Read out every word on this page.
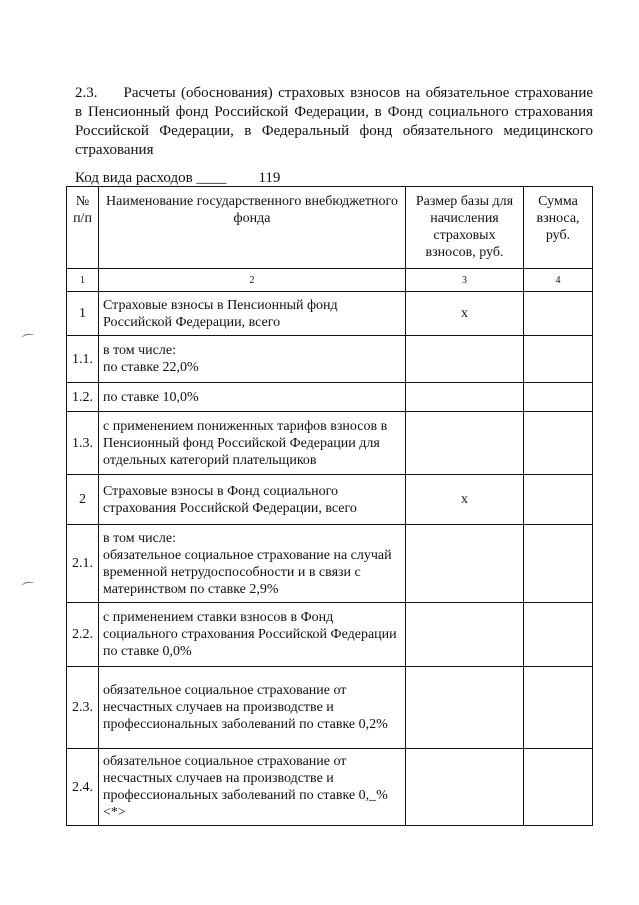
2.3. Расчеты (обоснования) страховых взносов на обязательное страхование в Пенсионный фонд Российской Федерации, в Фонд социального страхования Российской Федерации, в Федеральный фонд обязательного медицинского страхования
Код вида расходов ____ 119
⌒
⌒
№ п/п	Наименование государственного внебюджетного фонда	Размер базы для начисления страховых взносов, руб.	Сумма взноса, руб.
1	2	3	4
1	Страховые взносы в Пенсионный фонд Российской Федерации, всего	x	
1.1.	в том числе:
по ставке 22,0%		
1.2.	по ставке 10,0%		
1.3.	с применением пониженных тарифов взносов в Пенсионный фонд Российской Федерации для отдельных категорий плательщиков		
2	Страховые взносы в Фонд социального страхования Российской Федерации, всего	x	
2.1.	в том числе:
обязательное социальное страхование на случай временной нетрудоспособности и в связи с материнством по ставке 2,9%		
2.2.	с применением ставки взносов в Фонд социального страхования Российской Федерации по ставке 0,0%		
2.3.	обязательное социальное страхование от несчастных случаев на производстве и профессиональных заболеваний по ставке 0,2%		
2.4.	обязательное социальное страхование от несчастных случаев на производстве и профессиональных заболеваний по ставке 0,_% <*>		
